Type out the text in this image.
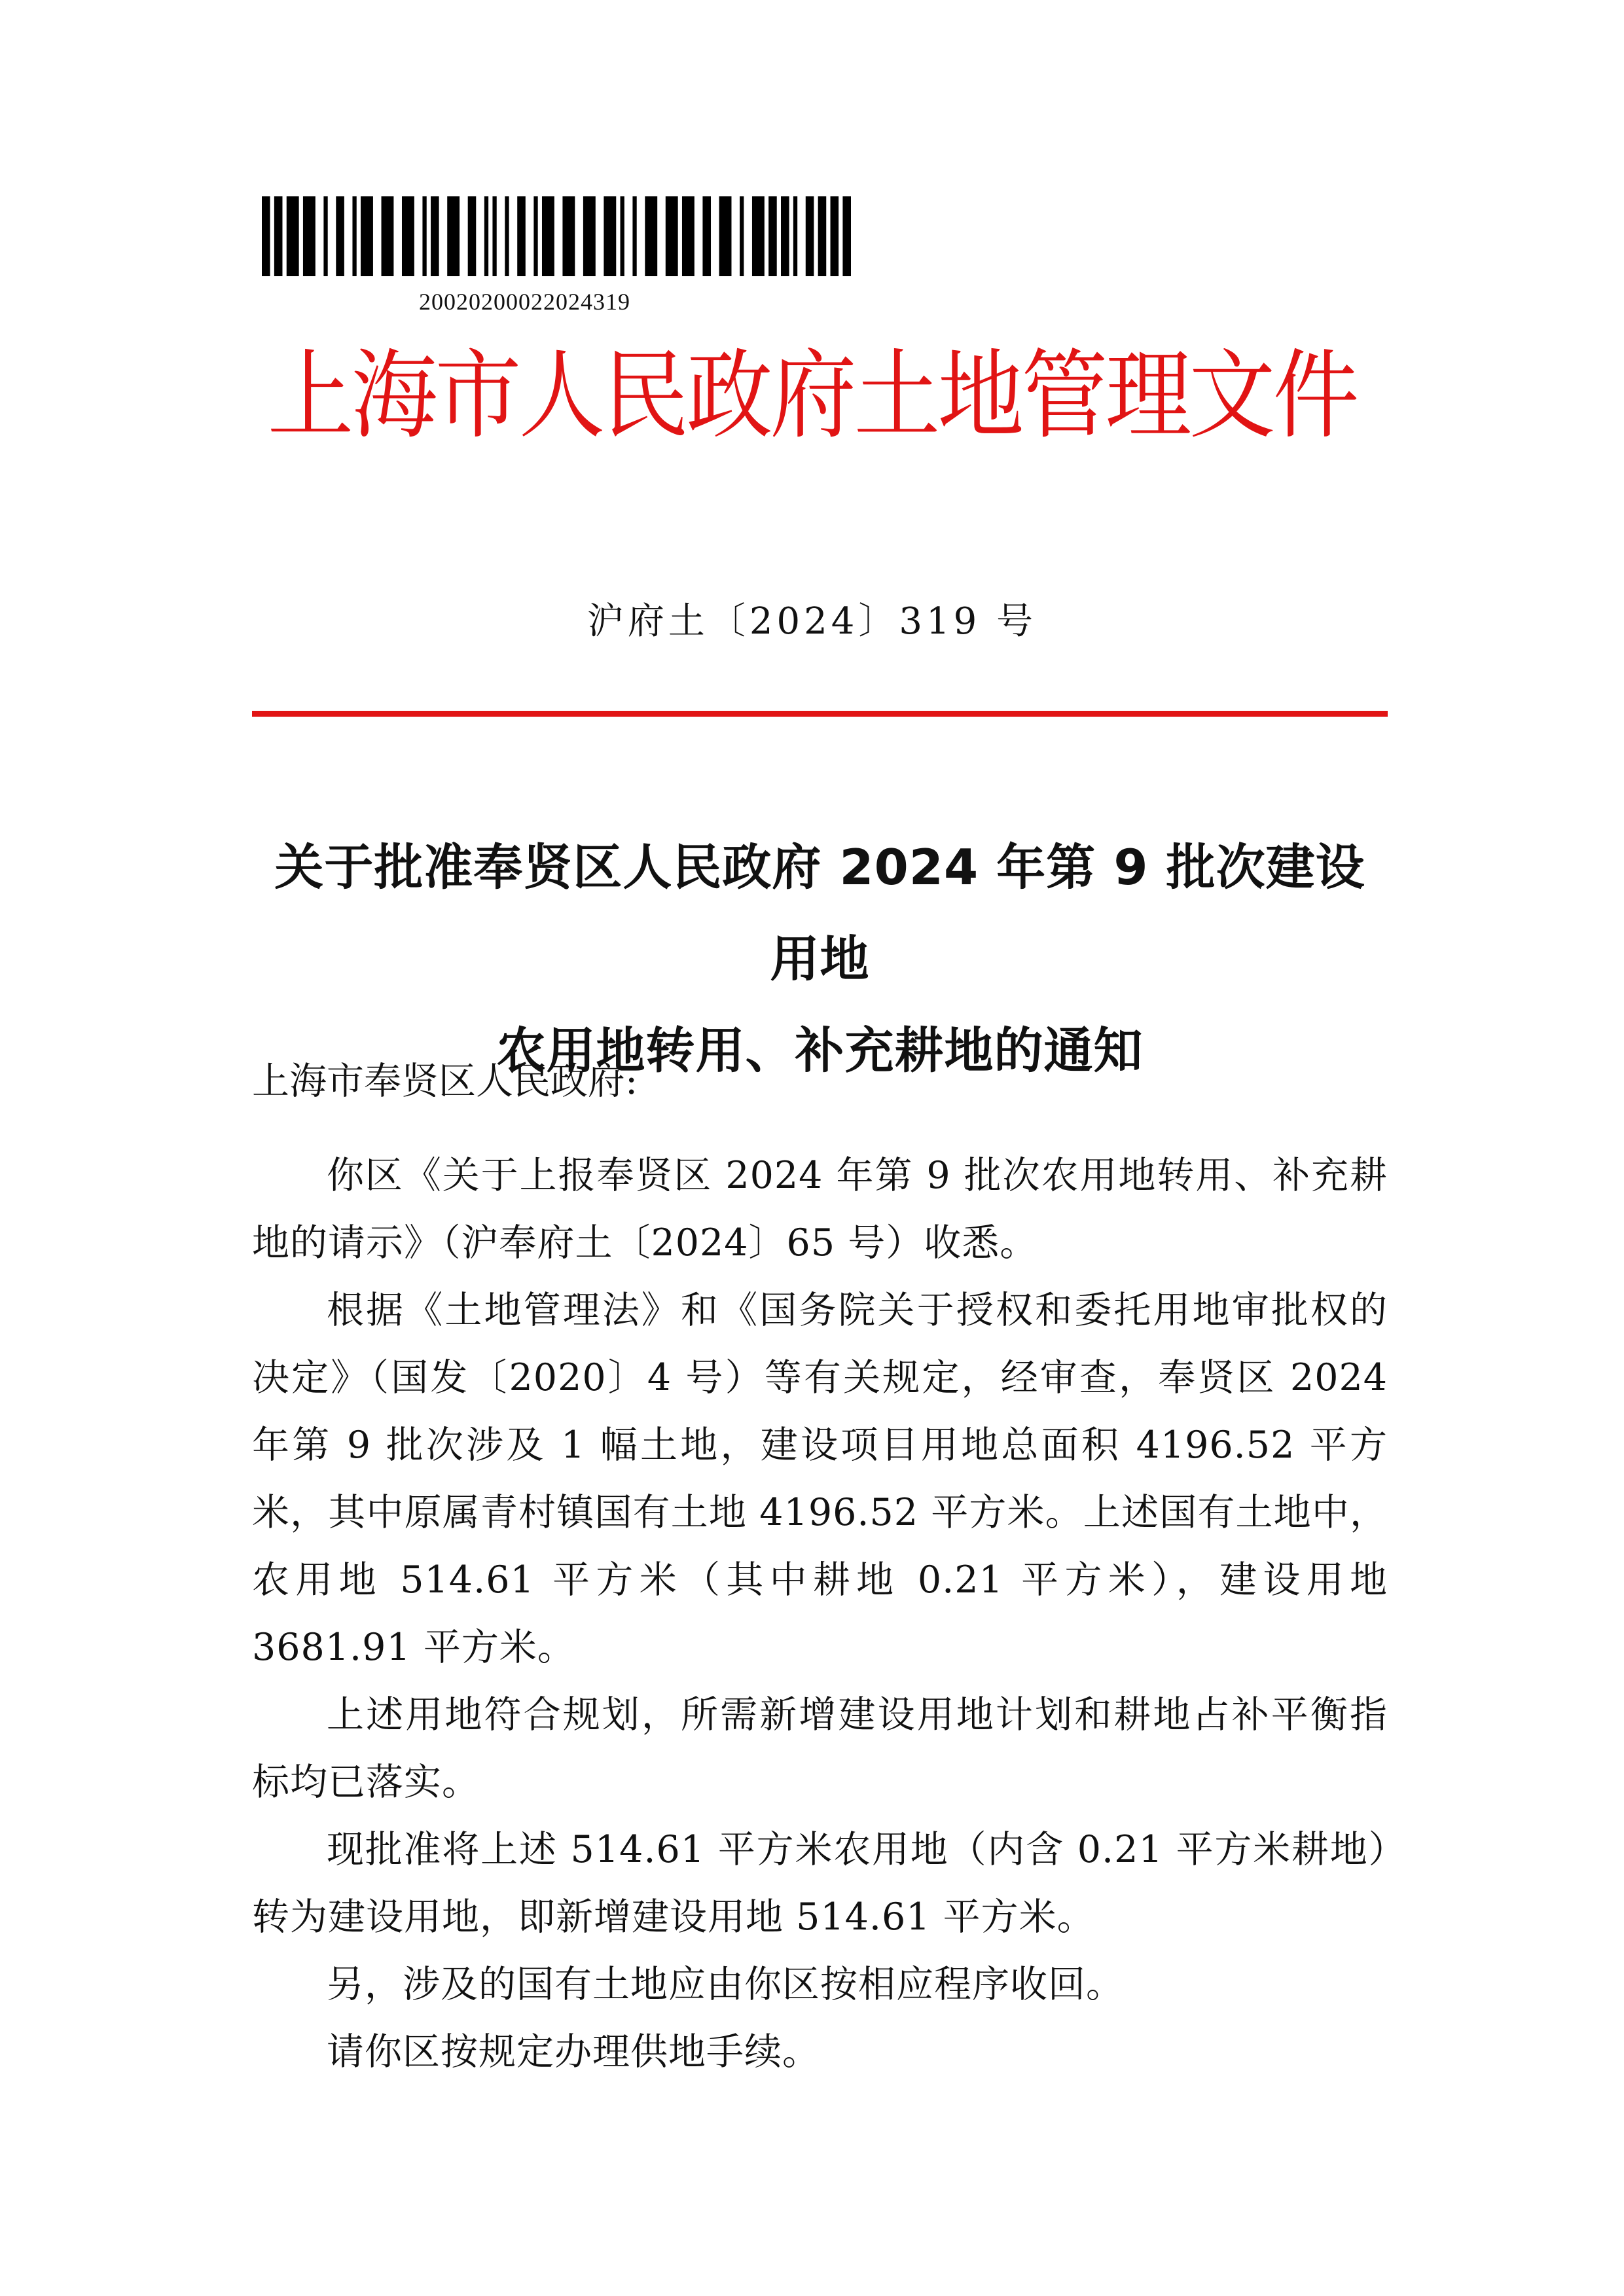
20020200022024319
上海市人民政府土地管理文件
沪府土〔2024〕319 号
关于批准奉贤区人民政府 2024 年第 9 批次建设用地
农用地转用、补充耕地的通知
上海市奉贤区人民政府:

你区《关于上报奉贤区 2024 年第 9 批次农用地转用、补充耕地的请示》（沪奉府土〔2024〕65 号）收悉。

根据《土地管理法》和《国务院关于授权和委托用地审批权的决定》（国发〔2020〕4 号）等有关规定，经审查，奉贤区 2024 年第 9 批次涉及 1 幅土地，建设项目用地总面积 4196.52 平方米，其中原属青村镇国有土地 4196.52 平方米。上述国有土地中，农用地 514.61 平方米（其中耕地 0.21 平方米），建设用地 3681.91 平方米。

上述用地符合规划，所需新增建设用地计划和耕地占补平衡指标均已落实。

现批准将上述 514.61 平方米农用地（内含 0.21 平方米耕地）转为建设用地，即新增建设用地 514.61 平方米。

另，涉及的国有土地应由你区按相应程序收回。

请你区按规定办理供地手续。
